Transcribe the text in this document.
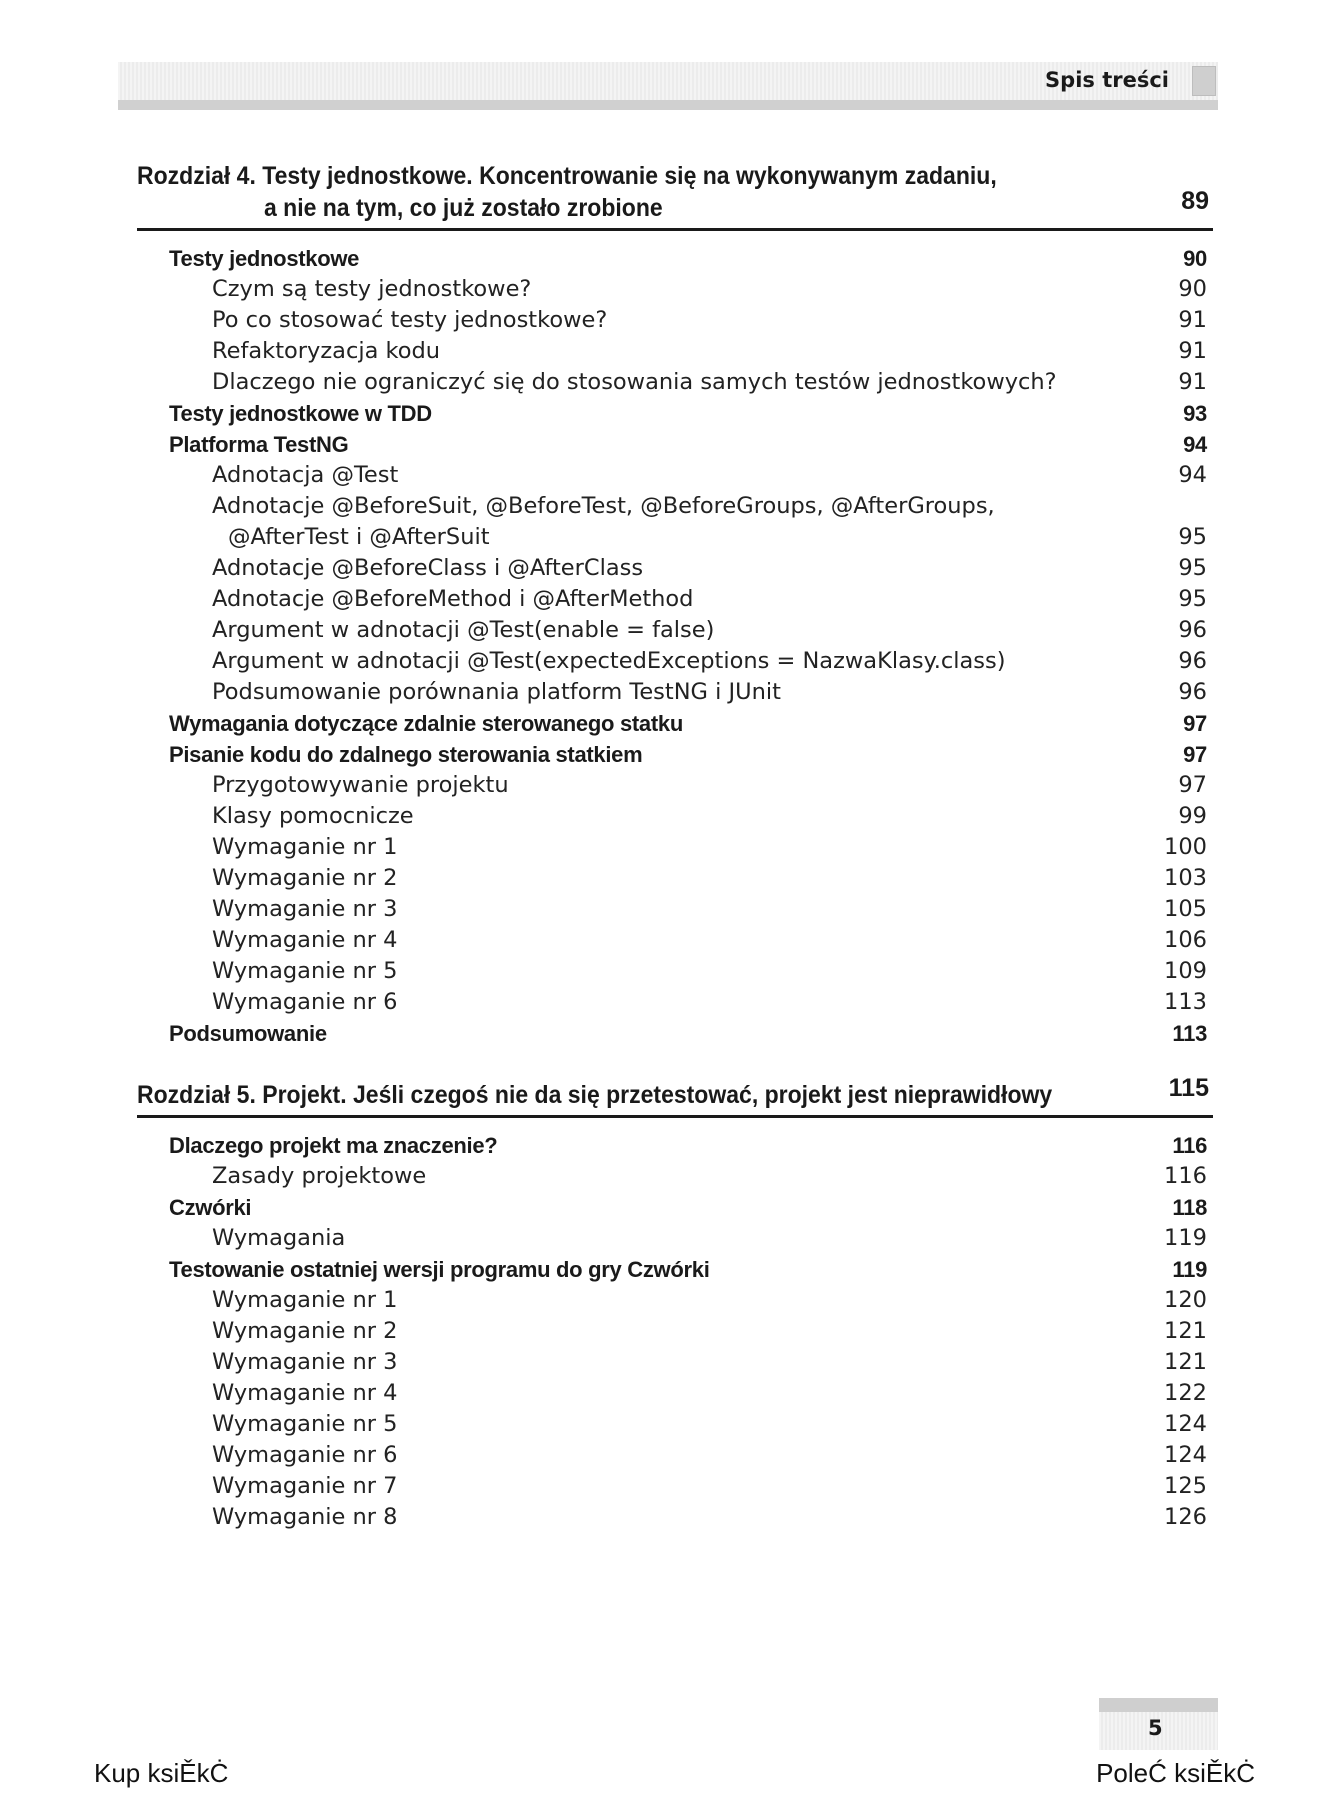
Spis treści
Rozdział 4. Testy jednostkowe. Koncentrowanie się na wykonywanym zadaniu,
a nie na tym, co już zostało zrobione	89
Testy jednostkowe	90
Czym są testy jednostkowe?	90
Po co stosować testy jednostkowe?	91
Refaktoryzacja kodu	91
Dlaczego nie ograniczyć się do stosowania samych testów jednostkowych?	91
Testy jednostkowe w TDD	93
Platforma TestNG	94
Adnotacja @Test	94
Adnotacje @BeforeSuit, @BeforeTest, @BeforeGroups, @AfterGroups,
@AfterTest i @AfterSuit	95
Adnotacje @BeforeClass i @AfterClass	95
Adnotacje @BeforeMethod i @AfterMethod	95
Argument w adnotacji @Test(enable = false)	96
Argument w adnotacji @Test(expectedExceptions = NazwaKlasy.class)	96
Podsumowanie porównania platform TestNG i JUnit	96
Wymagania dotyczące zdalnie sterowanego statku	97
Pisanie kodu do zdalnego sterowania statkiem	97
Przygotowywanie projektu	97
Klasy pomocnicze	99
Wymaganie nr 1	100
Wymaganie nr 2	103
Wymaganie nr 3	105
Wymaganie nr 4	106
Wymaganie nr 5	109
Wymaganie nr 6	113
Podsumowanie	113
Rozdział 5. Projekt. Jeśli czegoś nie da się przetestować, projekt jest nieprawidłowy	115
Dlaczego projekt ma znaczenie?	116
Zasady projektowe	116
Czwórki	118
Wymagania	119
Testowanie ostatniej wersji programu do gry Czwórki	119
Wymaganie nr 1	120
Wymaganie nr 2	121
Wymaganie nr 3	121
Wymaganie nr 4	122
Wymaganie nr 5	124
Wymaganie nr 6	124
Wymaganie nr 7	125
Wymaganie nr 8	126
5
Kup ksiĚkĊ	PoleĆ ksiĚkĊ
